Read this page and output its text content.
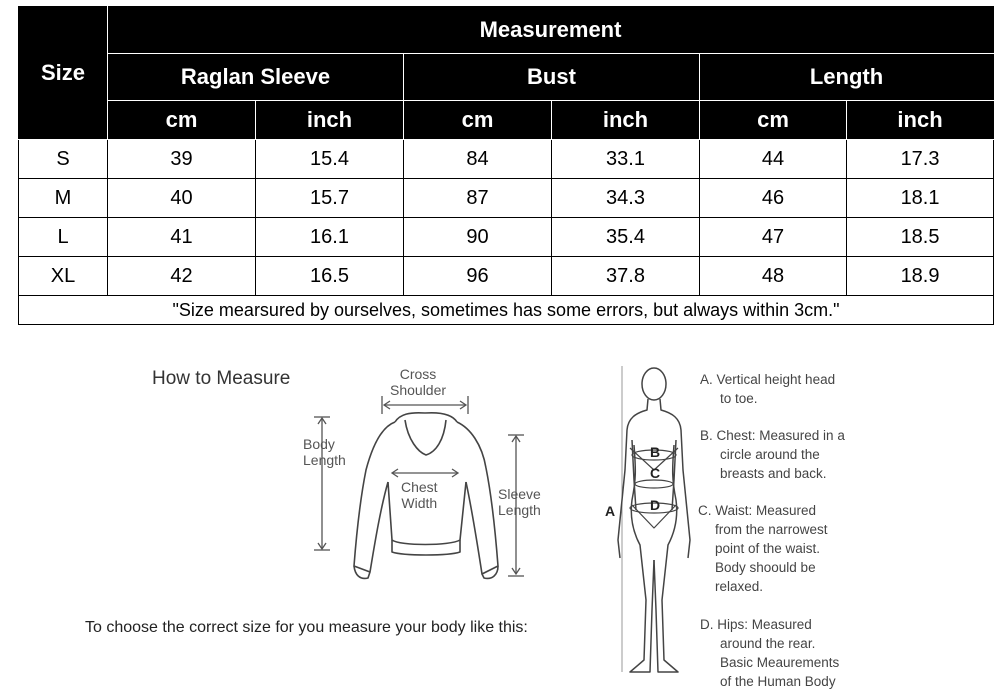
Size	Measurement					
	Raglan Sleeve		Bust		Length	
	cm	inch	cm	inch	cm	inch
S	39	15.4	84	33.1	44	17.3
M	40	15.7	87	34.3	46	18.1
L	41	16.1	90	35.4	47	18.5
XL	42	16.5	96	37.8	48	18.9
"Size mearsured by ourselves, sometimes has some errors, but always within 3cm."						
How to Measure	Cross
Shoulder
Body
Length
Chest
Width
Sleeve
Length
To choose the correct size for you measure your body like this:
A
B
C
D
A. Vertical height head
to toe.
B. Chest: Measured in a
circle around the
breasts and back.
C. Waist: Measured
from the narrowest
point of the waist.
Body shoould be
relaxed.
D. Hips: Measured
around the rear.
Basic Meaurements
of the Human Body
